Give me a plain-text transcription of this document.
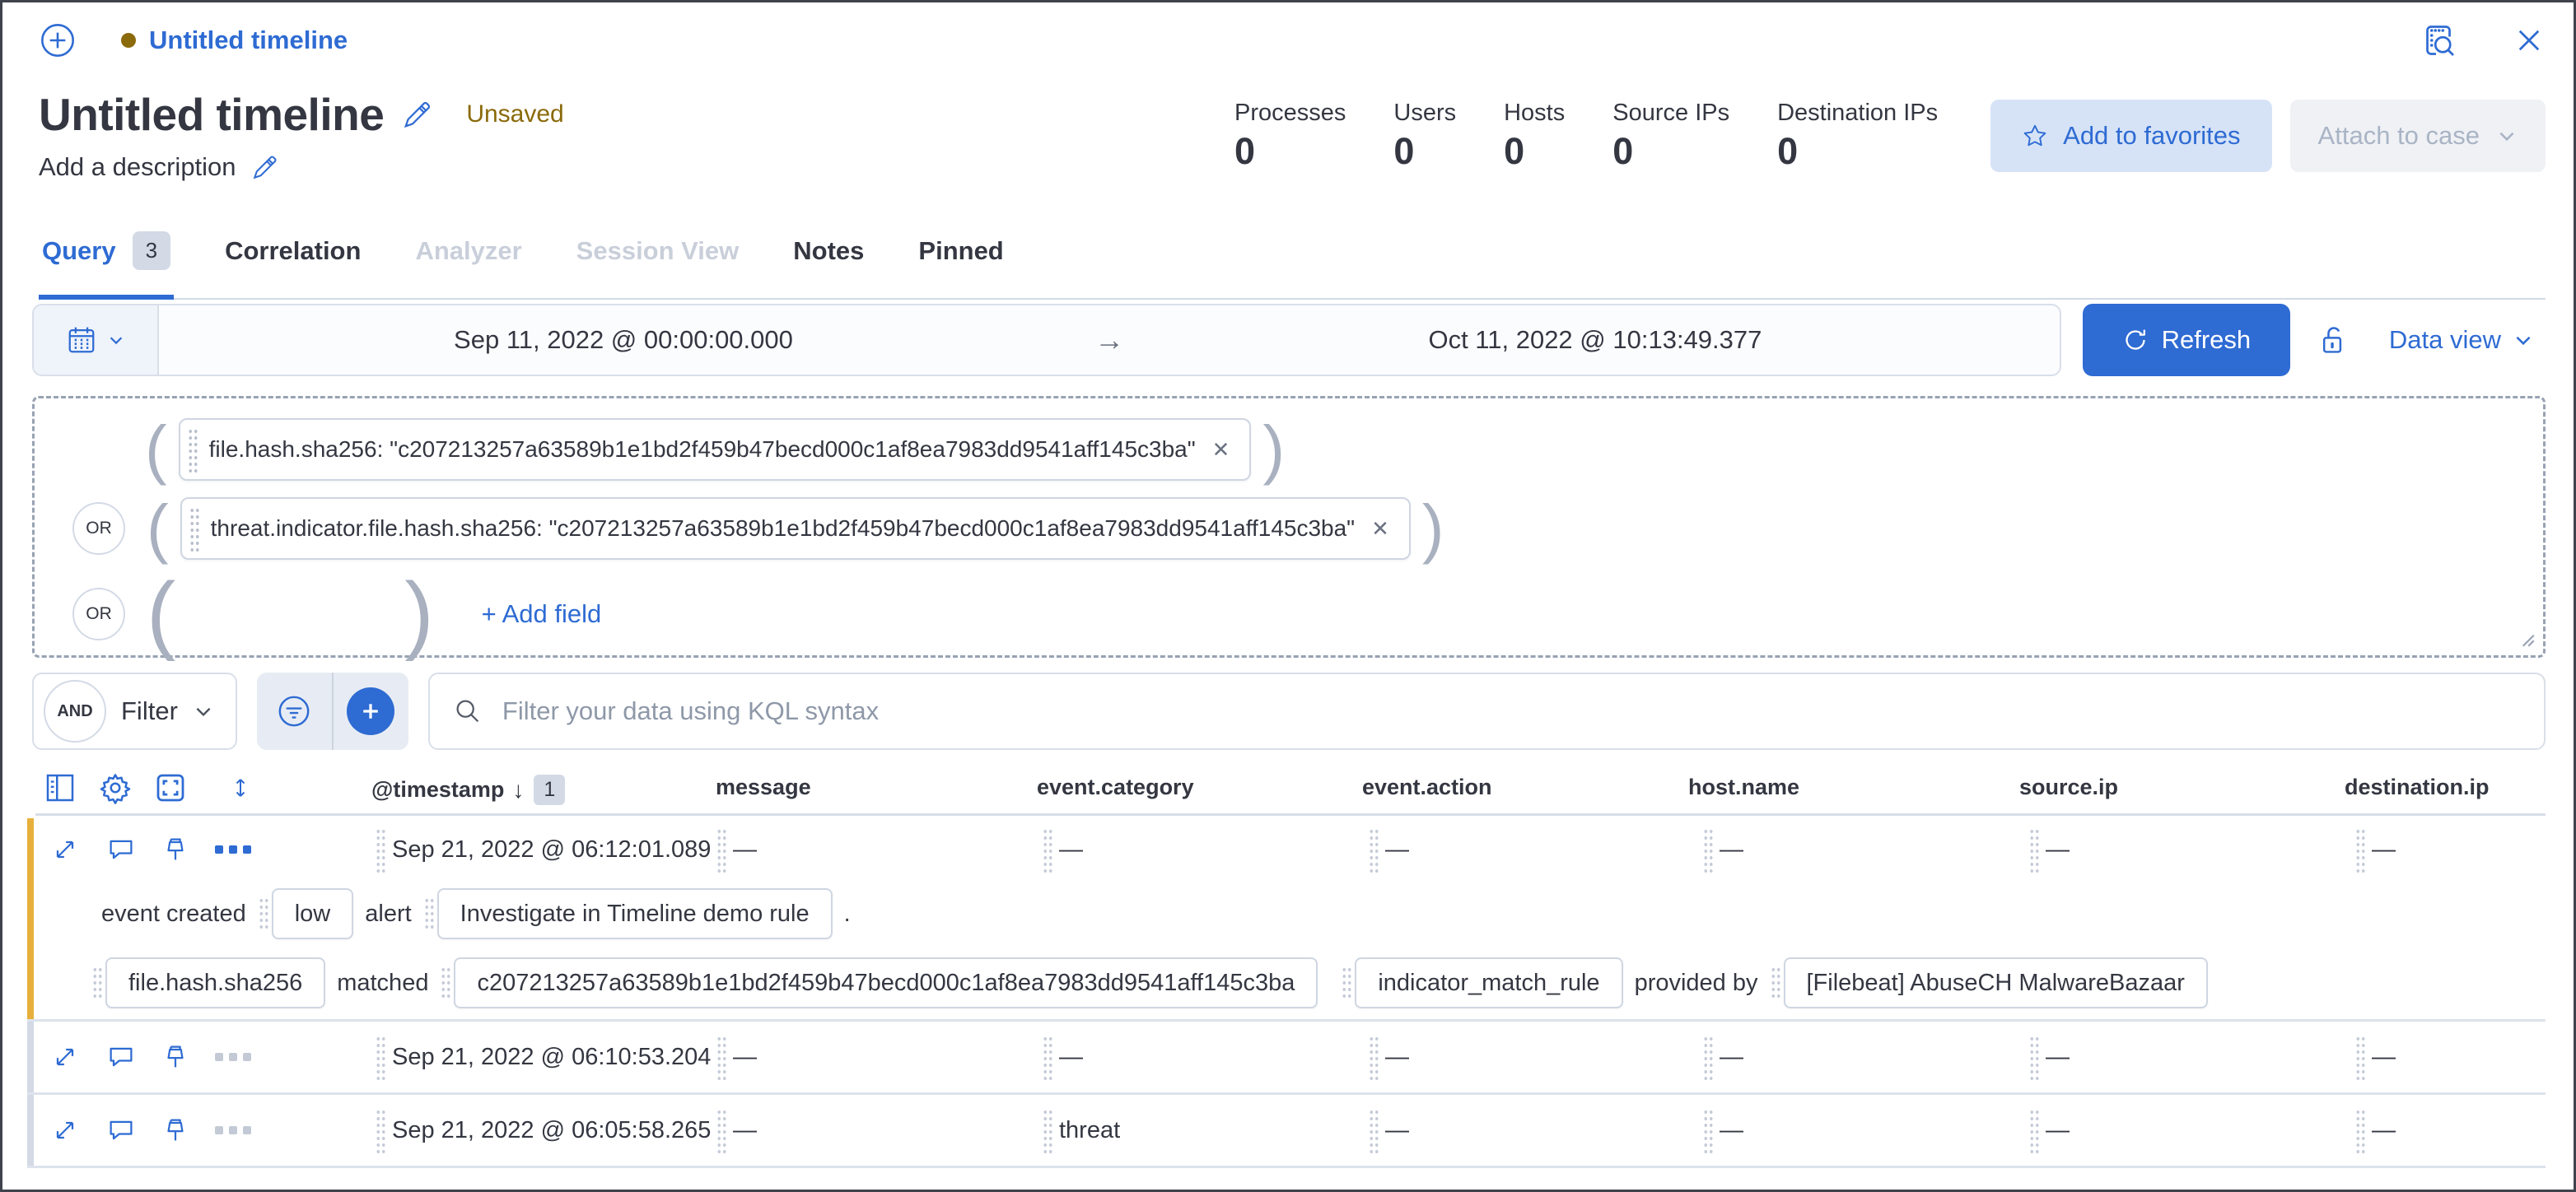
Untitled timeline
Untitled timeline	Unsaved
Add a description
Processes
0
Users
0
Hosts
0
Source IPs
0
Destination IPs
0	Add to favorites	Attach to case
Query	3	Correlation Analyzer Session View Notes Pinned
Sep 11, 2022 @ 00:00:00.000	→	Oct 11, 2022 @ 10:13:49.377	Refresh	Data view
(	file.hash.sha256: "c207213257a63589b1e1bd2f459b47becd000c1af8ea7983dd9541aff145c3ba" ✕ )
OR (	threat.indicator.file.hash.sha256: "c207213257a63589b1e1bd2f459b47becd000c1af8ea7983dd9541aff145c3ba" ✕ )
OR (	)	+ Add field
AND	Filter	Filter your data using KQL syntax
@timestamp ↓ 1	message	event.category	event.action	host.name	source.ip	destination.ip
Sep 21, 2022 @ 06:12:01.089 —	—	—	—	—	—
event created low alert Investigate in Timeline demo rule .
file.hash.sha256 matched c207213257a63589b1e1bd2f459b47becd000c1af8ea7983dd9541aff145c3ba	indicator_match_rule provided by [Filebeat] AbuseCH MalwareBazaar
Sep 21, 2022 @ 06:10:53.204 —	—	—	—	—	—
Sep 21, 2022 @ 06:05:58.265 —	threat	—	—	—	—
